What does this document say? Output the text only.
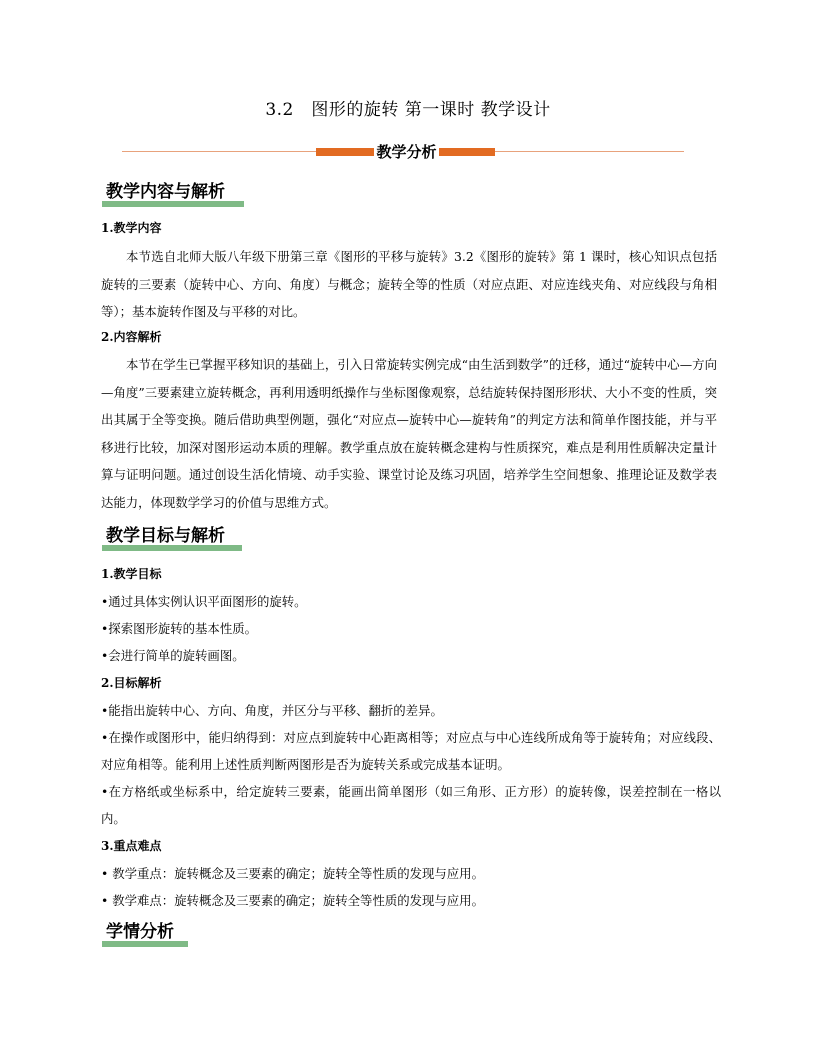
3.2　图形的旋转 第一课时 教学设计
教学分析
教学内容与解析
1.教学内容

本节选自北师大版八年级下册第三章《图形的平移与旋转》3.2《图形的旋转》第 1 课时，核心知识点包括旋转的三要素（旋转中心、方向、角度）与概念；旋转全等的性质（对应点距、对应连线夹角、对应线段与角相等）；基本旋转作图及与平移的对比。

2.内容解析

本节在学生已掌握平移知识的基础上，引入日常旋转实例完成“由生活到数学”的迁移，通过“旋转中心—方向—角度”三要素建立旋转概念，再利用透明纸操作与坐标图像观察，总结旋转保持图形形状、大小不变的性质，突出其属于全等变换。随后借助典型例题，强化“对应点—旋转中心—旋转角”的判定方法和简单作图技能，并与平移进行比较，加深对图形运动本质的理解。教学重点放在旋转概念建构与性质探究，难点是利用性质解决定量计算与证明问题。通过创设生活化情境、动手实验、课堂讨论及练习巩固，培养学生空间想象、推理论证及数学表达能力，体现数学学习的价值与思维方式。

教学目标与解析
1.教学目标

•通过具体实例认识平面图形的旋转。

•探索图形旋转的基本性质。

•会进行简单的旋转画图。

2.目标解析

•能指出旋转中心、方向、角度，并区分与平移、翻折的差异。

•在操作或图形中，能归纳得到：对应点到旋转中心距离相等；对应点与中心连线所成角等于旋转角；对应线段、对应角相等。能利用上述性质判断两图形是否为旋转关系或完成基本证明。

•在方格纸或坐标系中，给定旋转三要素，能画出简单图形（如三角形、正方形）的旋转像，误差控制在一格以内。

3.重点难点

• 教学重点：旋转概念及三要素的确定；旋转全等性质的发现与应用。

• 教学难点：旋转概念及三要素的确定；旋转全等性质的发现与应用。

学情分析
